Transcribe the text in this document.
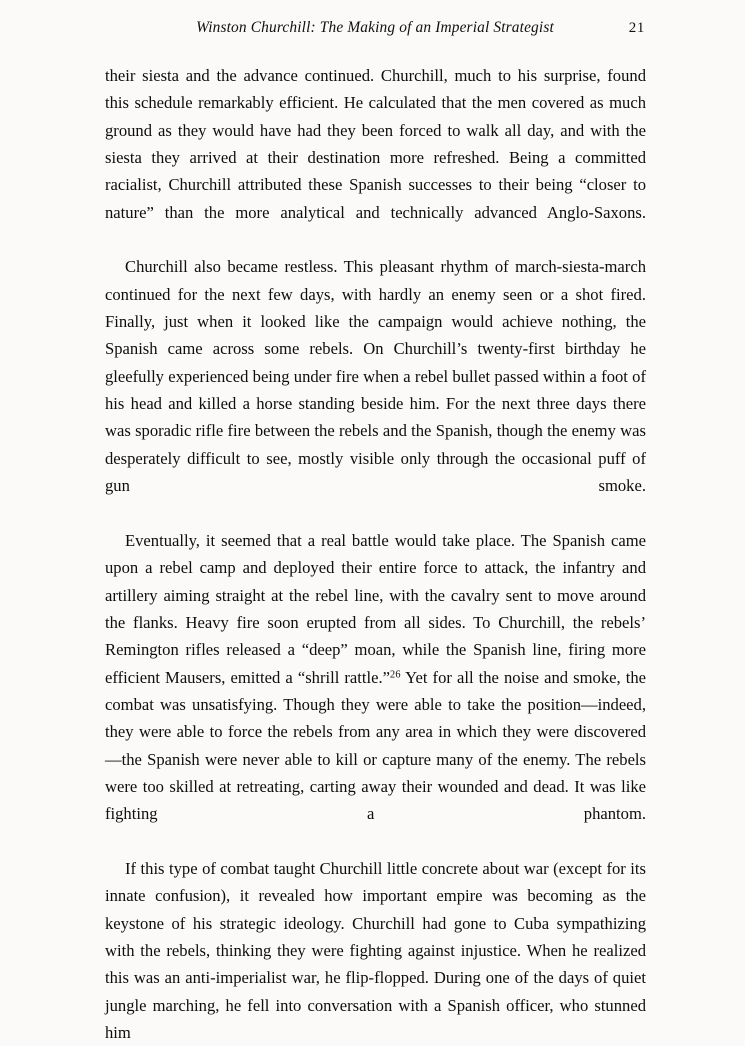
Winston Churchill: The Making of an Imperial Strategist	21

their siesta and the advance continued. Churchill, much to his surprise, found this schedule remarkably efficient. He calculated that the men covered as much ground as they would have had they been forced to walk all day, and with the siesta they arrived at their destination more refreshed. Being a committed racialist, Churchill attributed these Spanish successes to their being “closer to nature” than the more analytical and technically advanced Anglo-Saxons.

Churchill also became restless. This pleasant rhythm of march-siesta-march continued for the next few days, with hardly an enemy seen or a shot fired. Finally, just when it looked like the campaign would achieve nothing, the Spanish came across some rebels. On Churchill’s twenty-first birthday he gleefully experienced being under fire when a rebel bullet passed within a foot of his head and killed a horse standing beside him. For the next three days there was sporadic rifle fire between the rebels and the Spanish, though the enemy was desperately difficult to see, mostly visible only through the occasional puff of gun smoke.

Eventually, it seemed that a real battle would take place. The Spanish came upon a rebel camp and deployed their entire force to attack, the infantry and artillery aiming straight at the rebel line, with the cavalry sent to move around the flanks. Heavy fire soon erupted from all sides. To Churchill, the rebels’ Remington rifles released a “deep” moan, while the Spanish line, firing more efficient Mausers, emitted a “shrill rattle.”$^{26}$ Yet for all the noise and smoke, the combat was unsatisfying. Though they were able to take the position—indeed, they were able to force the rebels from any area in which they were discovered—the Spanish were never able to kill or capture many of the enemy. The rebels were too skilled at retreating, carting away their wounded and dead. It was like fighting a phantom.

If this type of combat taught Churchill little concrete about war (except for its innate confusion), it revealed how important empire was becoming as the keystone of his strategic ideology. Churchill had gone to Cuba sympathizing with the rebels, thinking they were fighting against injustice. When he realized this was an anti-imperialist war, he flip-flopped. During one of the days of quiet jungle marching, he fell into conversation with a Spanish officer, who stunned him
